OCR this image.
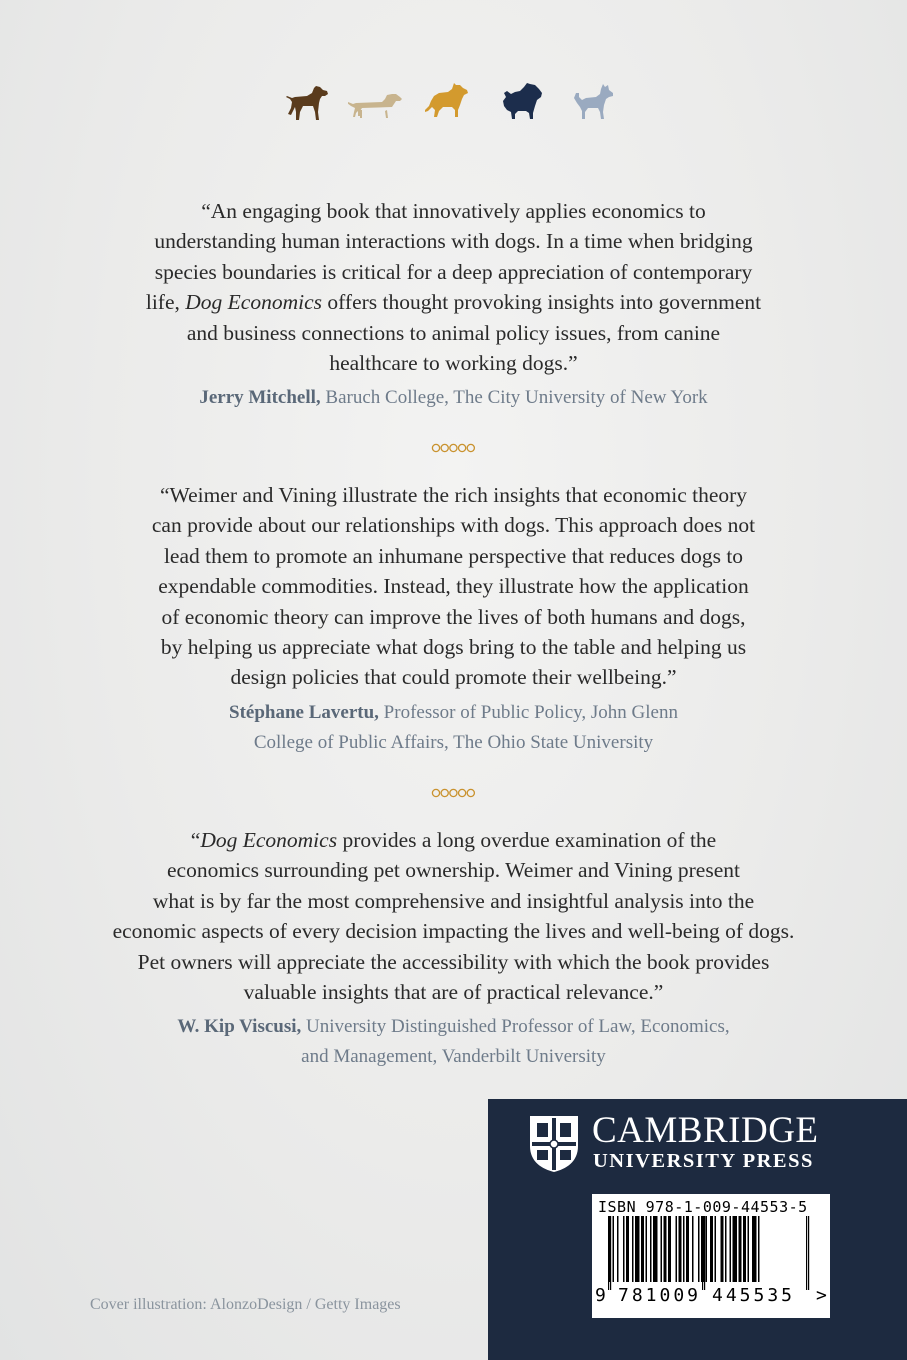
“An engaging book that innovatively applies economics to
understanding human interactions with dogs. In a time when bridging
species boundaries is critical for a deep appreciation of contemporary
life, Dog Economics offers thought provoking insights into government
and business connections to animal policy issues, from canine
healthcare to working dogs.”
Jerry Mitchell, Baruch College, The City University of New York
“Weimer and Vining illustrate the rich insights that economic theory
can provide about our relationships with dogs. This approach does not
lead them to promote an inhumane perspective that reduces dogs to
expendable commodities. Instead, they illustrate how the application
of economic theory can improve the lives of both humans and dogs,
by helping us appreciate what dogs bring to the table and helping us
design policies that could promote their wellbeing.”
Stéphane Lavertu, Professor of Public Policy, John Glenn
College of Public Affairs, The Ohio State University
“Dog Economics provides a long overdue examination of the
economics surrounding pet ownership. Weimer and Vining present
what is by far the most comprehensive and insightful analysis into the
economic aspects of every decision impacting the lives and well-being of dogs.
Pet owners will appreciate the accessibility with which the book provides
valuable insights that are of practical relevance.”
W. Kip Viscusi, University Distinguished Professor of Law, Economics,
and Management, Vanderbilt University
Cover illustration: AlonzoDesign / Getty Images
CAMBRIDGE
UNIVERSITY PRESS
ISBN 978-1-009-44553-5
9 781009 445535 >
